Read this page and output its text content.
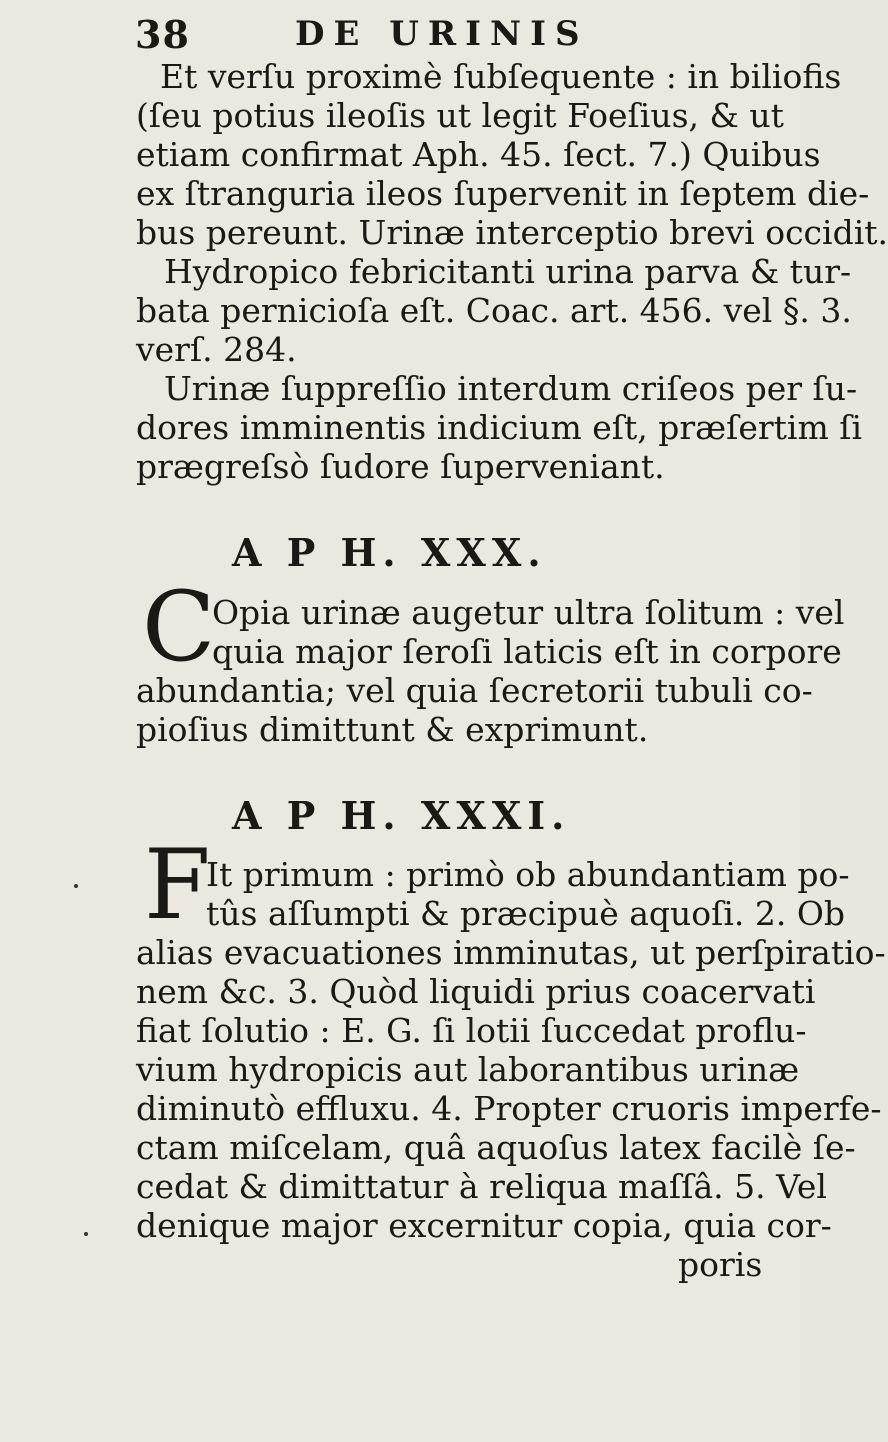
38	DE URINIS
Et verſu proximè ſubſequente : in biliofis
(ſeu potius ileoſis ut legit Foeſius, & ut
etiam confirmat Aph. 45. ſect. 7.) Quibus
ex ſtranguria ileos ſupervenit in ſeptem die-
bus pereunt. Urinæ interceptio brevi occidit.
Hydropico febricitanti urina parva & tur-
bata pernicioſa eſt. Coac. art. 456. vel §. 3.
verſ. 284.
Urinæ ſuppreſſio interdum criſeos per ſu-
dores imminentis indicium eſt, præſertim ſi
prægreſsò ſudore ſuperveniant.
A P H. XXX.
C
Opia urinæ augetur ultra ſolitum : vel
quia major ſeroſi laticis eſt in corpore
abundantia; vel quia ſecretorii tubuli co-
pioſius dimittunt & exprimunt.
A P H. XXXI.
F
It primum : primò ob abundantiam po-
tûs aſſumpti & præcipuè aquoſi. 2. Ob
alias evacuationes imminutas, ut perſpiratio-
nem &c. 3. Quòd liquidi prius coacervati
fiat ſolutio : E. G. ſi lotii ſuccedat proflu-
vium hydropicis aut laborantibus urinæ
diminutò effluxu. 4. Propter cruoris imperfe-
ctam miſcelam, quâ aquoſus latex facilè ſe-
cedat & dimittatur à reliqua maſſâ. 5. Vel
denique major excernitur copia, quia cor-
poris
